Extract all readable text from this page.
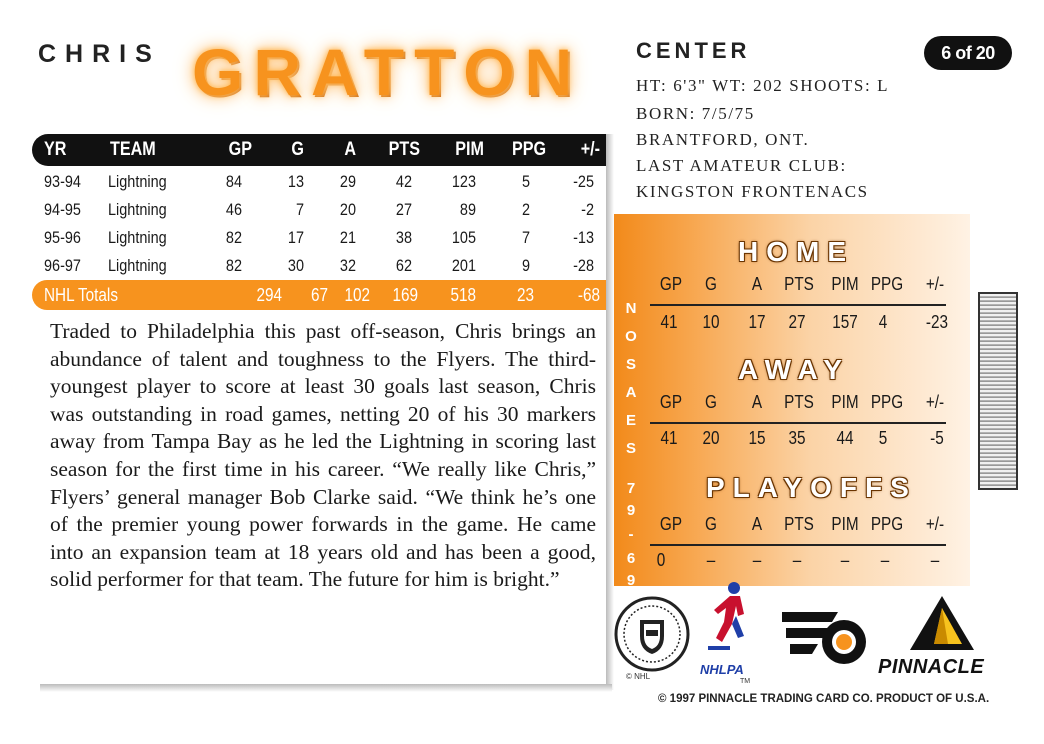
CHRIS GRATTON CENTER	6 of 20
HT: 6'3" WT: 202 SHOOTS: L
BORN: 7/5/75
BRANTFORD, ONT.
LAST AMATEUR CLUB:
KINGSTON FRONTENACS
YR TEAM	GP	G	A PTS PIM PPG	+/-
93-94 Lightning	84	13	29	42	123	5	-25
94-95 Lightning	46	7	20	27	89	2	-2
95-96 Lightning	82	17	21	38	105	7	-13
96-97 Lightning	82	30	32	62	201	9	-28
NHL Totals	294	67 102	169	518	23	-68
Traded to Philadelphia this past off-season, Chris brings an abundance of talent and toughness to the Flyers. The third-youngest player to score at least 30 goals last season, Chris was outstanding in road games, netting 20 of his 30 markers away from Tampa Bay as he led the Lightning in scoring last season for the first time in his career. “We really like Chris,” Flyers’ general manager Bob Clarke said. “We think he’s one of the premier young power forwards in the game. He came into an expansion team at 18 years old and has been a good, solid performer for that team. The future for him is bright.”	9
6
-
9
7
S
E
A
S
O
N
HOME
GP	G	A	PTS PIM PPG	+/-
41	10	17	27	157	4	-23
AWAY
GP	G	A	PTS PIM PPG	+/-
41	20	15	35	44	5	-5
PLAYOFFS
GP	G	A	PTS PIM PPG	+/-
0	–	–	–	–	–	–
© NHL	NHLPA
TM
PINNACLE
© 1997 PINNACLE TRADING CARD CO. PRODUCT OF U.S.A.
